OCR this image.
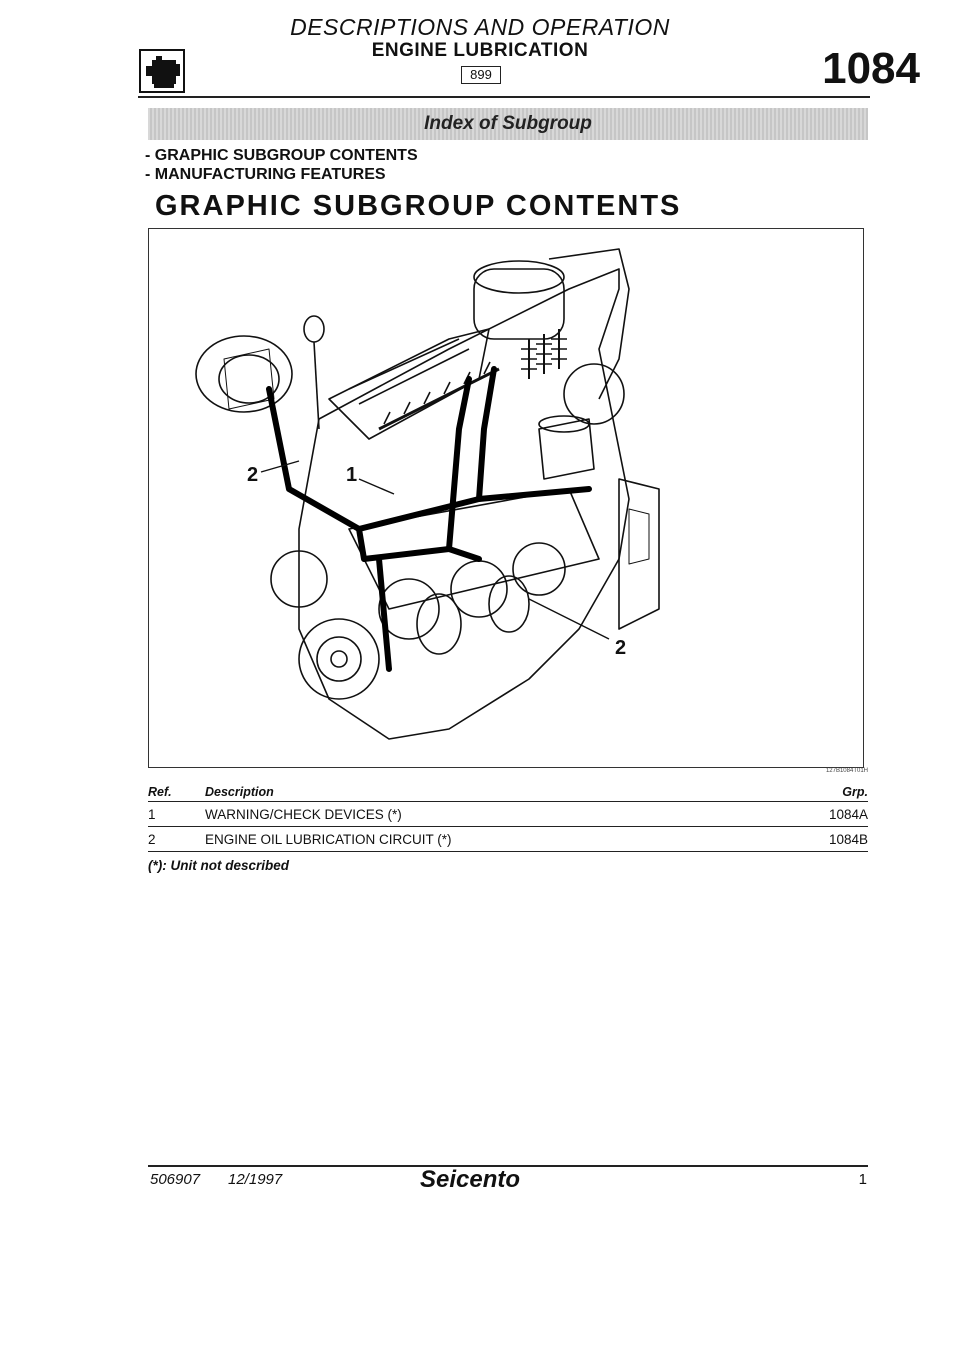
DESCRIPTIONS AND OPERATION
ENGINE LUBRICATION
899	1084
Index of Subgroup
- GRAPHIC SUBGROUP CONTENTS
- MANUFACTURING FEATURES
GRAPHIC SUBGROUP CONTENTS
2	1
2
127B1084T01H
Ref.	Description	Grp.
1	WARNING/CHECK DEVICES (*)	1084A
2	ENGINE OIL LUBRICATION CIRCUIT (*)	1084B
(*): Unit not described
506907 12/1997	Seicento	1
